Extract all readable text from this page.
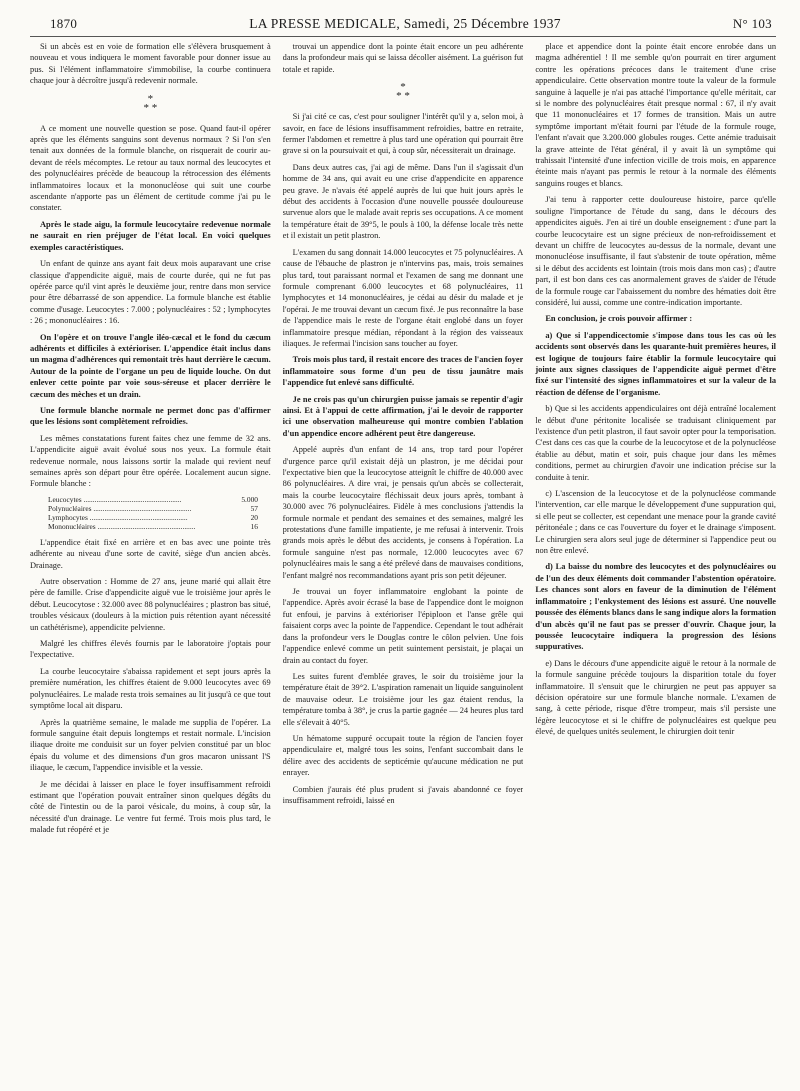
1870	LA PRESSE MEDICALE, Samedi, 25 Décembre 1937	N° 103

Si un abcès est en voie de formation elle s'élèvera brusquement à nouveau et vous indiquera le moment favorable pour donner issue au pus. Si l'élément inflammatoire s'immobilise, la courbe continuera chaque jour à décroître jusqu'à redevenir normale.

*
* *

A ce moment une nouvelle question se pose. Quand faut-il opérer après que les éléments sanguins sont devenus normaux ? Si l'on s'en tenait aux données de la formule blanche, on risquerait de courir au-devant de réels mécomptes. Le retour au taux normal des leucocytes et des polynucléaires précède de beaucoup la rétrocession des éléments inflammatoires locaux et la mononucléose qui suit une courbe ascendante n'apporte pas un élément de certitude comme j'ai pu le constater.

Après le stade aigu, la formule leucocytaire redevenue normale ne saurait en rien préjuger de l'état local. En voici quelques exemples caractéristiques.

Un enfant de quinze ans ayant fait deux mois auparavant une crise classique d'appendicite aiguë, mais de courte durée, qui ne fut pas opérée parce qu'il vint après le deuxième jour, rentre dans mon service pour être débarrassé de son appendice. La formule blanche est établie comme d'usage. Leucocytes : 7.000 ; polynucléaires : 52 ; lymphocytes : 26 ; mononucléaires : 16.

On l'opère et on trouve l'angle iléo-cæcal et le fond du cæcum adhérents et difficiles à extérioriser. L'appendice était inclus dans un magma d'adhérences qui remontait très haut derrière le cæcum. Autour de la pointe de l'organe un peu de liquide louche. On dut enlever cette pointe par voie sous-séreuse et placer derrière le cæcum des mèches et un drain.

Une formule blanche normale ne permet donc pas d'affirmer que les lésions sont complètement refroidies.

Les mêmes constatations furent faites chez une femme de 32 ans. L'appendicite aiguë avait évolué sous nos yeux. La formule était redevenue normale, nous laissons sortir la malade qui revient neuf semaines après son départ pour être opérée. Localement aucun signe. Formule blanche :

Leucocytes .....	5.000
Polynucléaires .....	57
Lymphocytes .....	20
Mononucléaires .....	16

L'appendice était fixé en arrière et en bas avec une pointe très adhérente au niveau d'une sorte de cavité, siège d'un ancien abcès. Drainage.

Autre observation : Homme de 27 ans, jeune marié qui allait être père de famille. Crise d'appendicite aiguë vue le troisième jour après le début. Leucocytose : 32.000 avec 88 polynucléaires ; plastron bas situé, troubles vésicaux (douleurs à la miction puis rétention ayant nécessité un cathétérisme), appendicite pelvienne.

Malgré les chiffres élevés fournis par le laboratoire j'optais pour l'expectative.

La courbe leucocytaire s'abaissa rapidement et sept jours après la première numération, les chiffres étaient de 9.000 leucocytes avec 69 polynucléaires. Le malade resta trois semaines au lit jusqu'à ce que tout symptôme local ait disparu.

Après la quatrième semaine, le malade me supplia de l'opérer. La formule sanguine était depuis longtemps et restait normale. L'incision iliaque droite me conduisit sur un foyer pelvien constitué par un bloc épais du volume et des dimensions d'un gros macaron unissant l'S iliaque, le cæcum, l'appendice invisible et la vessie.

Je me décidai à laisser en place le foyer insuffisamment refroidi estimant que l'opération pouvait entraîner sinon quelques dégâts du côté de l'intestin ou de la paroi vésicale, du moins, à coup sûr, la nécessité d'un drainage. Le ventre fut fermé. Trois mois plus tard, le malade fut réopéré et je

trouvai un appendice dont la pointe était encore un peu adhérente dans la profondeur mais qui se laissa décoller aisément. La guérison fut totale et rapide.

*
* *

Si j'ai cité ce cas, c'est pour souligner l'intérêt qu'il y a, selon moi, à savoir, en face de lésions insuffisamment refroidies, battre en retraite, fermer l'abdomen et remettre à plus tard une opération qui pourrait être grave si on la poursuivait et qui, à coup sûr, nécessiterait un drainage.

Dans deux autres cas, j'ai agi de même. Dans l'un il s'agissait d'un homme de 34 ans, qui avait eu une crise d'appendicite en apparence peu grave. Je n'avais été appelé auprès de lui que huit jours après le début des accidents à l'occasion d'une nouvelle poussée douloureuse survenue alors que le malade avait repris ses occupations. A ce moment la température était de 39°5, le pouls à 100, la défense locale très nette et il existait un petit plastron.

L'examen du sang donnait 14.000 leucocytes et 75 polynucléaires. A cause de l'ébauche de plastron je n'intervins pas, mais, trois semaines plus tard, tout paraissant normal et l'examen de sang me donnant une formule comprenant 6.000 leucocytes et 68 polynucléaires, 11 lymphocytes et 14 mononucléaires, je cédai au désir du malade et je l'opérai. Je me trouvai devant un cæcum fixé. Je pus reconnaître la base de l'appendice mais le reste de l'organe était englobé dans un foyer inflammatoire presque médian, répondant à la région des vaisseaux iliaques. Je refermai l'incision sans toucher au foyer.

Trois mois plus tard, il restait encore des traces de l'ancien foyer inflammatoire sous forme d'un peu de tissu jaunâtre mais l'appendice fut enlevé sans difficulté.

Je ne crois pas qu'un chirurgien puisse jamais se repentir d'agir ainsi. Et à l'appui de cette affirmation, j'ai le devoir de rapporter ici une observation malheureuse qui montre combien l'ablation d'un appendice encore adhérent peut être dangereuse.

Appelé auprès d'un enfant de 14 ans, trop tard pour l'opérer d'urgence parce qu'il existait déjà un plastron, je me décidai pour l'expectative bien que la leucocytose atteignît le chiffre de 40.000 avec 86 polynucléaires. A dire vrai, je pensais qu'un abcès se collecterait, mais la courbe leucocytaire fléchissait deux jours après, tombant à 30.000 avec 76 polynucléaires. Fidèle à mes conclusions j'attendis la formule normale et pendant des semaines et des semaines, malgré les protestations d'une famille impatiente, je me refusai à intervenir. Trois grands mois après le début des accidents, je consens à l'opération. La formule sanguine n'est pas normale, 12.000 leucocytes avec 67 polynucléaires mais le sang a été prélevé dans de mauvaises conditions, l'enfant malgré nos recommandations ayant pris son petit déjeuner.

Je trouvai un foyer inflammatoire englobant la pointe de l'appendice. Après avoir écrasé la base de l'appendice dont le moignon fut enfoui, je parvins à extérioriser l'épiploon et l'anse grêle qui faisaient corps avec la pointe de l'appendice. Cependant le tout adhérait dans la profondeur vers le Douglas contre le côlon pelvien. Une fois l'appendice enlevé comme un petit suintement persistait, je plaçai un drain au contact du foyer.

Les suites furent d'emblée graves, le soir du troisième jour la température était de 39°2. L'aspiration ramenait un liquide sanguinolent de mauvaise odeur. Le troisième jour les gaz étaient rendus, la température tomba à 38°, je crus la partie gagnée — 24 heures plus tard elle s'élevait à 40°5.

Un hématome suppuré occupait toute la région de l'ancien foyer appendiculaire et, malgré tous les soins, l'enfant succombait dans le délire avec des accidents de septicémie qu'aucune médication ne put enrayer.

Combien j'aurais été plus prudent si j'avais abandonné ce foyer insuffisamment refroidi, laissé en

place et appendice dont la pointe était encore enrobée dans un magma adhérentiel ! Il me semble qu'on pourrait en tirer argument contre les opérations précoces dans le traitement d'une crise appendiculaire. Cette observation montre toute la valeur de la formule sanguine à laquelle je n'ai pas attaché l'importance qu'elle méritait, car si le nombre des polynucléaires était presque normal : 67, il n'y avait que 11 mononucléaires et 17 formes de transition. Mais un autre symptôme important m'était fourni par l'étude de la formule rouge, l'enfant n'avait que 3.200.000 globules rouges. Cette anémie traduisait la grave atteinte de l'état général, il y avait là un symptôme qui trahissait l'intensité d'une infection vicille de trois mois, en apparence éteinte mais n'ayant pas permis le retour à la normale des éléments sanguins rouges et blancs.

J'ai tenu à rapporter cette douloureuse histoire, parce qu'elle souligne l'importance de l'étude du sang, dans le décours des appendicites aiguës. J'en ai tiré un double enseignement : d'une part la courbe leucocytaire est un signe précieux de non-refroidissement et devant un chiffre de leucocytes au-dessus de la normale, devant une mononucléose insuffisante, il faut s'abstenir de toute opération, même si le début des accidents est lointain (trois mois dans mon cas) ; d'autre part, il est bon dans ces cas anormalement graves de s'aider de l'étude de la formule rouge car l'abaissement du nombre des hématies doit être considéré, lui aussi, comme une contre-indication importante.

En conclusion, je crois pouvoir affirmer :

a) Que si l'appendicectomie s'impose dans tous les cas où les accidents sont observés dans les quarante-huit premières heures, il est logique de toujours faire établir la formule leucocytaire qui jointe aux signes classiques de l'appendicite aiguë permet d'être fixé sur l'intensité des signes inflammatoires et sur la valeur de la réaction de défense de l'organisme.

b) Que si les accidents appendiculaires ont déjà entraîné localement le début d'une péritonite localisée se traduisant cliniquement par l'existence d'un petit plastron, il faut savoir opter pour la temporisation. C'est dans ces cas que la courbe de la leucocytose et de la polynucléose établie au début, matin et soir, puis chaque jour dans les mêmes conditions, permet au chirurgien d'avoir une indication précise sur la conduite à tenir.

c) L'ascension de la leucocytose et de la polynucléose commande l'intervention, car elle marque le développement d'une suppuration qui, si elle peut se collecter, est cependant une menace pour la grande cavité péritonéale ; dans ce cas l'ouverture du foyer et le drainage s'imposent. Le chirurgien sera alors seul juge de déterminer si l'appendice peut ou non être enlevé.

d) La baisse du nombre des leucocytes et des polynucléaires ou de l'un des deux éléments doit commander l'abstention opératoire. Les chances sont alors en faveur de la diminution de l'élément inflammatoire ; l'enkystement des lésions est assuré. Une nouvelle poussée des éléments blancs dans le sang indique alors la formation d'un abcès qu'il ne faut pas se presser d'ouvrir. Chaque jour, la poussée leucocytaire indiquera la progression des lésions suppuratives.

e) Dans le décours d'une appendicite aiguë le retour à la normale de la formule sanguine précède toujours la disparition totale du foyer inflammatoire. Il s'ensuit que le chirurgien ne peut pas appuyer sa décision opératoire sur une formule blanche normale. L'examen de sang, à cette période, risque d'être trompeur, mais s'il persiste une légère leucocytose et si le chiffre de polynucléaires est quelque peu élevé, de quelques unités seulement, le chirurgien doit tenir
